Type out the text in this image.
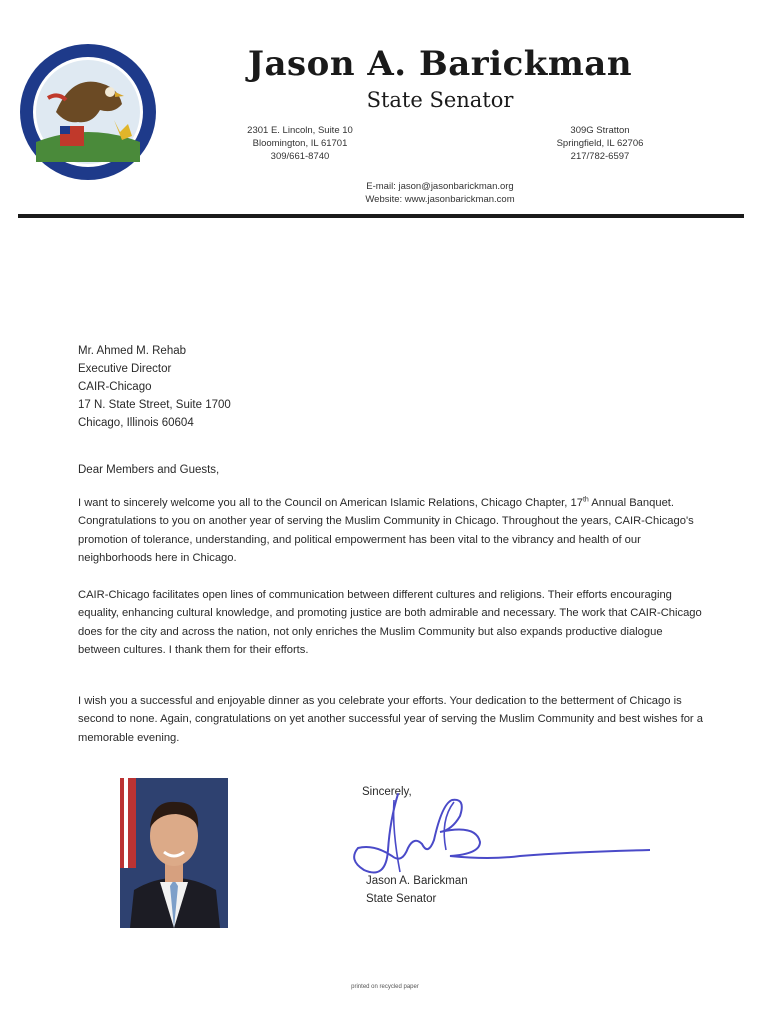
Jason A. Barickman
State Senator
2301 E. Lincoln, Suite 10
Bloomington, IL 61701
309/661-8740
309G Stratton
Springfield, IL 62706
217/782-6597
E-mail: jason@jasonbarickman.org
Website: www.jasonbarickman.com
Mr. Ahmed M. Rehab
Executive Director
CAIR-Chicago
17 N. State Street, Suite 1700
Chicago, Illinois 60604
Dear Members and Guests,

I want to sincerely welcome you all to the Council on American Islamic Relations, Chicago Chapter, 17th Annual Banquet. Congratulations to you on another year of serving the Muslim Community in Chicago. Throughout the years, CAIR-Chicago's promotion of tolerance, understanding, and political empowerment has been vital to the vibrancy and health of our neighborhoods here in Chicago.

CAIR-Chicago facilitates open lines of communication between different cultures and religions. Their efforts encouraging equality, enhancing cultural knowledge, and promoting justice are both admirable and necessary. The work that CAIR-Chicago does for the city and across the nation, not only enriches the Muslim Community but also expands productive dialogue between cultures. I thank them for their efforts.

I wish you a successful and enjoyable dinner as you celebrate your efforts. Your dedication to the betterment of Chicago is second to none. Again, congratulations on yet another successful year of serving the Muslim Community and best wishes for a memorable evening.

Sincerely,
Jason A. Barickman
State Senator
printed on recycled paper
